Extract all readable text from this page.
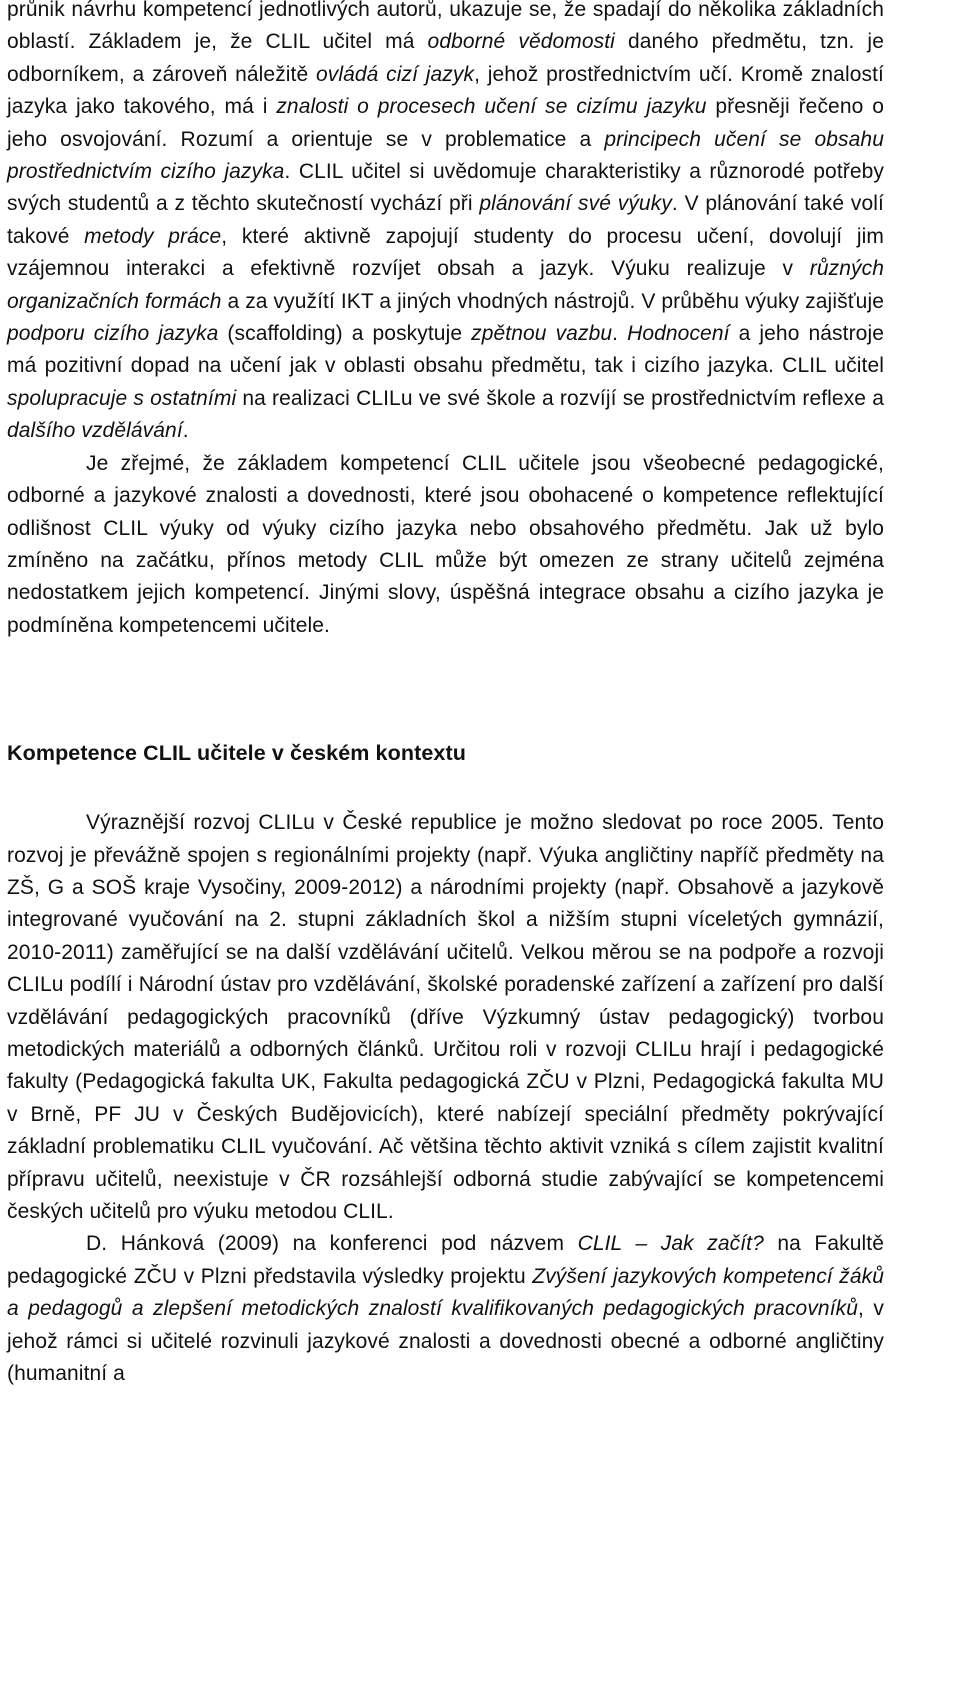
průnik návrhu kompetencí jednotlivých autorů, ukazuje se, že spadají do několika základních oblastí. Základem je, že CLIL učitel má odborné vědomosti daného předmětu, tzn. je odborníkem, a zároveň náležitě ovládá cizí jazyk, jehož prostřednictvím učí. Kromě znalostí jazyka jako takového, má i znalosti o procesech učení se cizímu jazyku přesněji řečeno o jeho osvojování. Rozumí a orientuje se v problematice a principech učení se obsahu prostřednictvím cizího jazyka. CLIL učitel si uvědomuje charakteristiky a různorodé potřeby svých studentů a z těchto skutečností vychází při plánování své výuky. V plánování také volí takové metody práce, které aktivně zapojují studenty do procesu učení, dovolují jim vzájemnou interakci a efektivně rozvíjet obsah a jazyk. Výuku realizuje v různých organizačních formách a za využítí IKT a jiných vhodných nástrojů. V průběhu výuky zajišťuje podporu cizího jazyka (scaffolding) a poskytuje zpětnou vazbu. Hodnocení a jeho nástroje má pozitivní dopad na učení jak v oblasti obsahu předmětu, tak i cizího jazyka. CLIL učitel spolupracuje s ostatními na realizaci CLILu ve své škole a rozvíjí se prostřednictvím reflexe a dalšího vzdělávání.

Je zřejmé, že základem kompetencí CLIL učitele jsou všeobecné pedagogické, odborné a jazykové znalosti a dovednosti, které jsou obohacené o kompetence reflektující odlišnost CLIL výuky od výuky cizího jazyka nebo obsahového předmětu. Jak už bylo zmíněno na začátku, přínos metody CLIL může být omezen ze strany učitelů zejména nedostatkem jejich kompetencí. Jinými slovy, úspěšná integrace obsahu a cizího jazyka je podmíněna kompetencemi učitele.

Kompetence CLIL učitele v českém kontextu

Výraznější rozvoj CLILu v České republice je možno sledovat po roce 2005. Tento rozvoj je převážně spojen s regionálními projekty (např. Výuka angličtiny napříč předměty na ZŠ, G a SOŠ kraje Vysočiny, 2009-2012) a národními projekty (např. Obsahově a jazykově integrované vyučování na 2. stupni základních škol a nižším stupni víceletých gymnázií, 2010-2011) zaměřující se na další vzdělávání učitelů. Velkou měrou se na podpoře a rozvoji CLILu podílí i Národní ústav pro vzdělávání, školské poradenské zařízení a zařízení pro další vzdělávání pedagogických pracovníků (dříve Výzkumný ústav pedagogický) tvorbou metodických materiálů a odborných článků. Určitou roli v rozvoji CLILu hrají i pedagogické fakulty (Pedagogická fakulta UK, Fakulta pedagogická ZČU v Plzni, Pedagogická fakulta MU v Brně, PF JU v Českých Budějovicích), které nabízejí speciální předměty pokrývající základní problematiku CLIL vyučování. Ač většina těchto aktivit vzniká s cílem zajistit kvalitní přípravu učitelů, neexistuje v ČR rozsáhlejší odborná studie zabývající se kompetencemi českých učitelů pro výuku metodou CLIL.

D. Hánková (2009) na konferenci pod názvem CLIL – Jak začít? na Fakultě pedagogické ZČU v Plzni představila výsledky projektu Zvýšení jazykových kompetencí žáků a pedagogů a zlepšení metodických znalostí kvalifikovaných pedagogických pracovníků, v jehož rámci si učitelé rozvinuli jazykové znalosti a dovednosti obecné a odborné angličtiny (humanitní a
